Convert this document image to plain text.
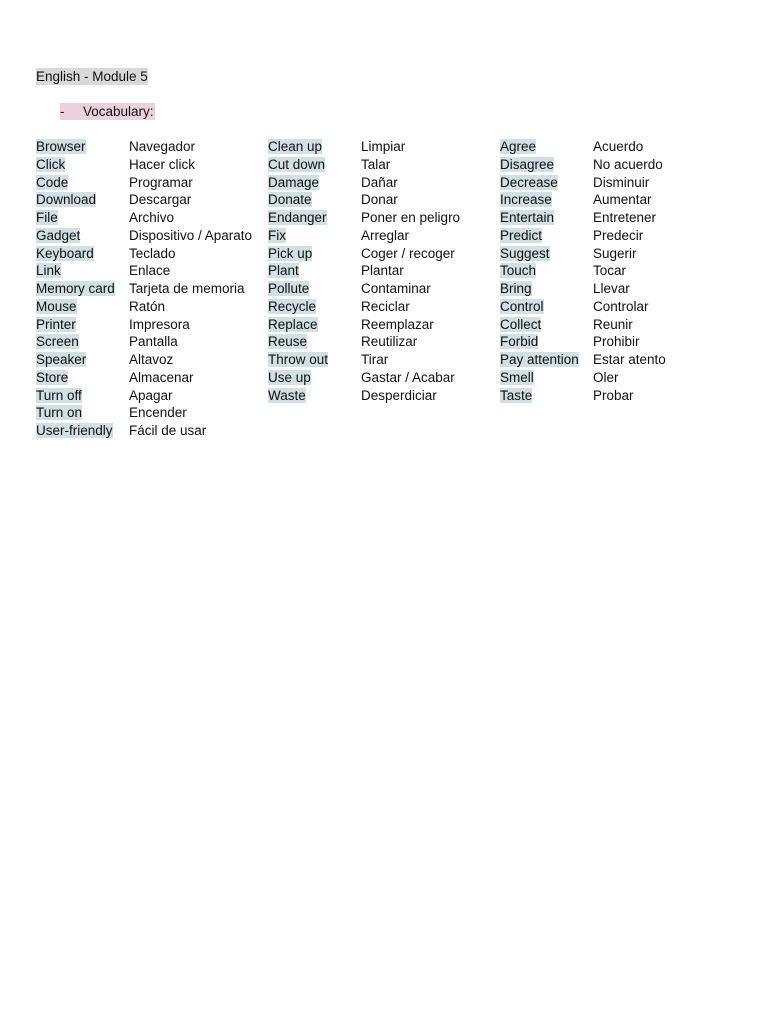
English - Module 5
- Vocabulary:
Browser	Navegador
Click	Hacer click
Code	Programar
Download	Descargar
File	Archivo
Gadget	Dispositivo / Aparato
Keyboard	Teclado
Link	Enlace
Memory card	Tarjeta de memoria
Mouse	Ratón
Printer	Impresora
Screen	Pantalla
Speaker	Altavoz
Store	Almacenar
Turn off	Apagar
Turn on	Encender
User-friendly	Fácil de usar
Clean up	Limpiar
Cut down	Talar
Damage	Dañar
Donate	Donar
Endanger	Poner en peligro
Fix	Arreglar
Pick up	Coger / recoger
Plant	Plantar
Pollute	Contaminar
Recycle	Reciclar
Replace	Reemplazar
Reuse	Reutilizar
Throw out	Tirar
Use up	Gastar / Acabar
Waste	Desperdiciar
Agree	Acuerdo
Disagree	No acuerdo
Decrease	Disminuir
Increase	Aumentar
Entertain	Entretener
Predict	Predecir
Suggest	Sugerir
Touch	Tocar
Bring	Llevar
Control	Controlar
Collect	Reunir
Forbid	Prohibir
Pay attention	Estar atento
Smell	Oler
Taste	Probar
